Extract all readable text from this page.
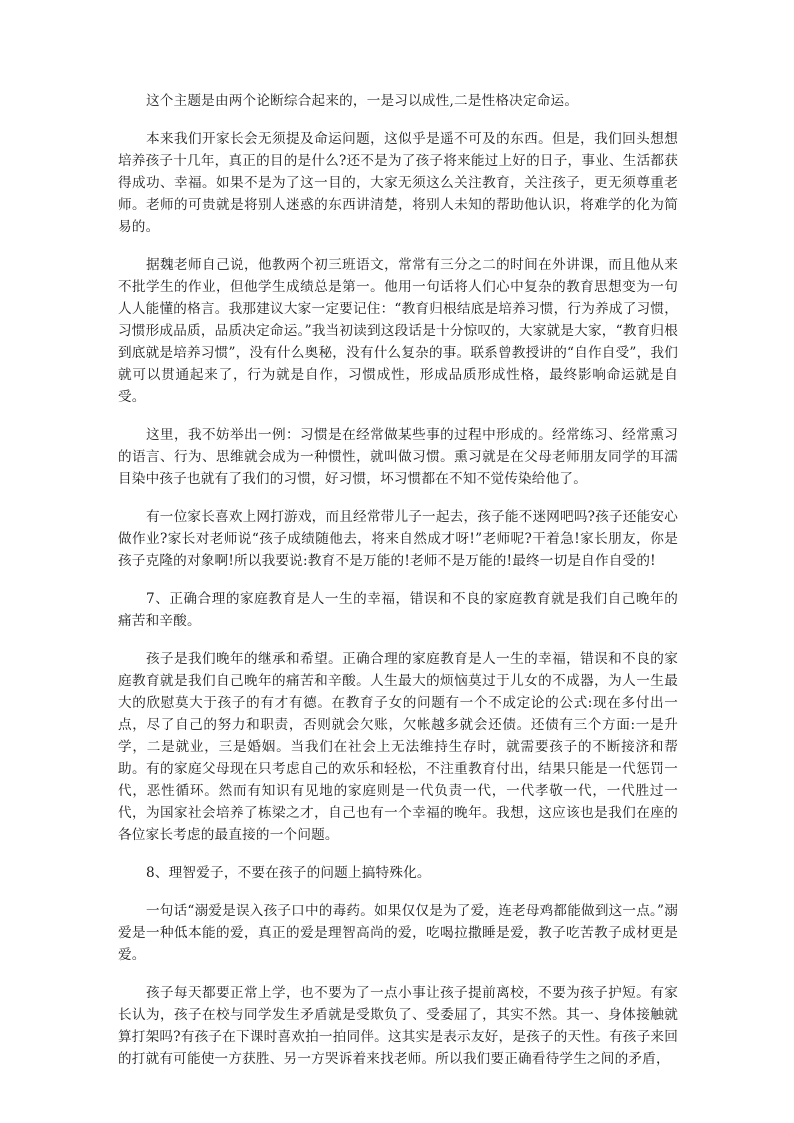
这个主题是由两个论断综合起来的，一是习以成性,二是性格决定命运。

本来我们开家长会无须提及命运问题，这似乎是遥不可及的东西。但是，我们回头想想培养孩子十几年，真正的目的是什么?还不是为了孩子将来能过上好的日子，事业、生活都获得成功、幸福。如果不是为了这一目的，大家无须这么关注教育，关注孩子，更无须尊重老师。老师的可贵就是将别人迷惑的东西讲清楚，将别人未知的帮助他认识，将难学的化为简易的。

据魏老师自己说，他教两个初三班语文，常常有三分之二的时间在外讲课，而且他从来不批学生的作业，但他学生成绩总是第一。他用一句话将人们心中复杂的教育思想变为一句人人能懂的格言。我那建议大家一定要记住：“教育归根结底是培养习惯，行为养成了习惯，习惯形成品质，品质决定命运。”我当初读到这段话是十分惊叹的，大家就是大家，“教育归根到底就是培养习惯”，没有什么奥秘，没有什么复杂的事。联系曾教授讲的“自作自受”，我们就可以贯通起来了，行为就是自作，习惯成性，形成品质形成性格，最终影响命运就是自受。

这里，我不妨举出一例：习惯是在经常做某些事的过程中形成的。经常练习、经常熏习的语言、行为、思维就会成为一种惯性，就叫做习惯。熏习就是在父母老师朋友同学的耳濡目染中孩子也就有了我们的习惯，好习惯，坏习惯都在不知不觉传染给他了。

有一位家长喜欢上网打游戏，而且经常带儿子一起去，孩子能不迷网吧吗?孩子还能安心做作业?家长对老师说“孩子成绩随他去，将来自然成才呀!”老师呢?干着急!家长朋友，你是孩子克隆的对象啊!所以我要说:教育不是万能的!老师不是万能的!最终一切是自作自受的!

7、正确合理的家庭教育是人一生的幸福，错误和不良的家庭教育就是我们自己晚年的痛苦和辛酸。

孩子是我们晚年的继承和希望。正确合理的家庭教育是人一生的幸福，错误和不良的家庭教育就是我们自己晚年的痛苦和辛酸。人生最大的烦恼莫过于儿女的不成器，为人一生最大的欣慰莫大于孩子的有才有德。在教育子女的问题有一个不成定论的公式:现在多付出一点，尽了自己的努力和职责，否则就会欠账，欠帐越多就会还债。还债有三个方面:一是升学，二是就业，三是婚姻。当我们在社会上无法维持生存时，就需要孩子的不断接济和帮助。有的家庭父母现在只考虑自己的欢乐和轻松，不注重教育付出，结果只能是一代惩罚一代，恶性循环。然而有知识有见地的家庭则是一代负责一代，一代孝敬一代，一代胜过一代，为国家社会培养了栋梁之才，自己也有一个幸福的晚年。我想，这应该也是我们在座的各位家长考虑的最直接的一个问题。

8、理智爱子，不要在孩子的问题上搞特殊化。

一句话“溺爱是误入孩子口中的毒药。如果仅仅是为了爱，连老母鸡都能做到这一点。”溺爱是一种低本能的爱，真正的爱是理智高尚的爱，吃喝拉撒睡是爱，教子吃苦教子成材更是爱。

孩子每天都要正常上学，也不要为了一点小事让孩子提前离校，不要为孩子护短。有家长认为，孩子在校与同学发生矛盾就是受欺负了、受委屈了，其实不然。其一、身体接触就算打架吗?有孩子在下课时喜欢拍一拍同伴。这其实是表示友好，是孩子的天性。有孩子来回的打就有可能使一方获胜、另一方哭诉着来找老师。所以我们要正确看待学生之间的矛盾，
